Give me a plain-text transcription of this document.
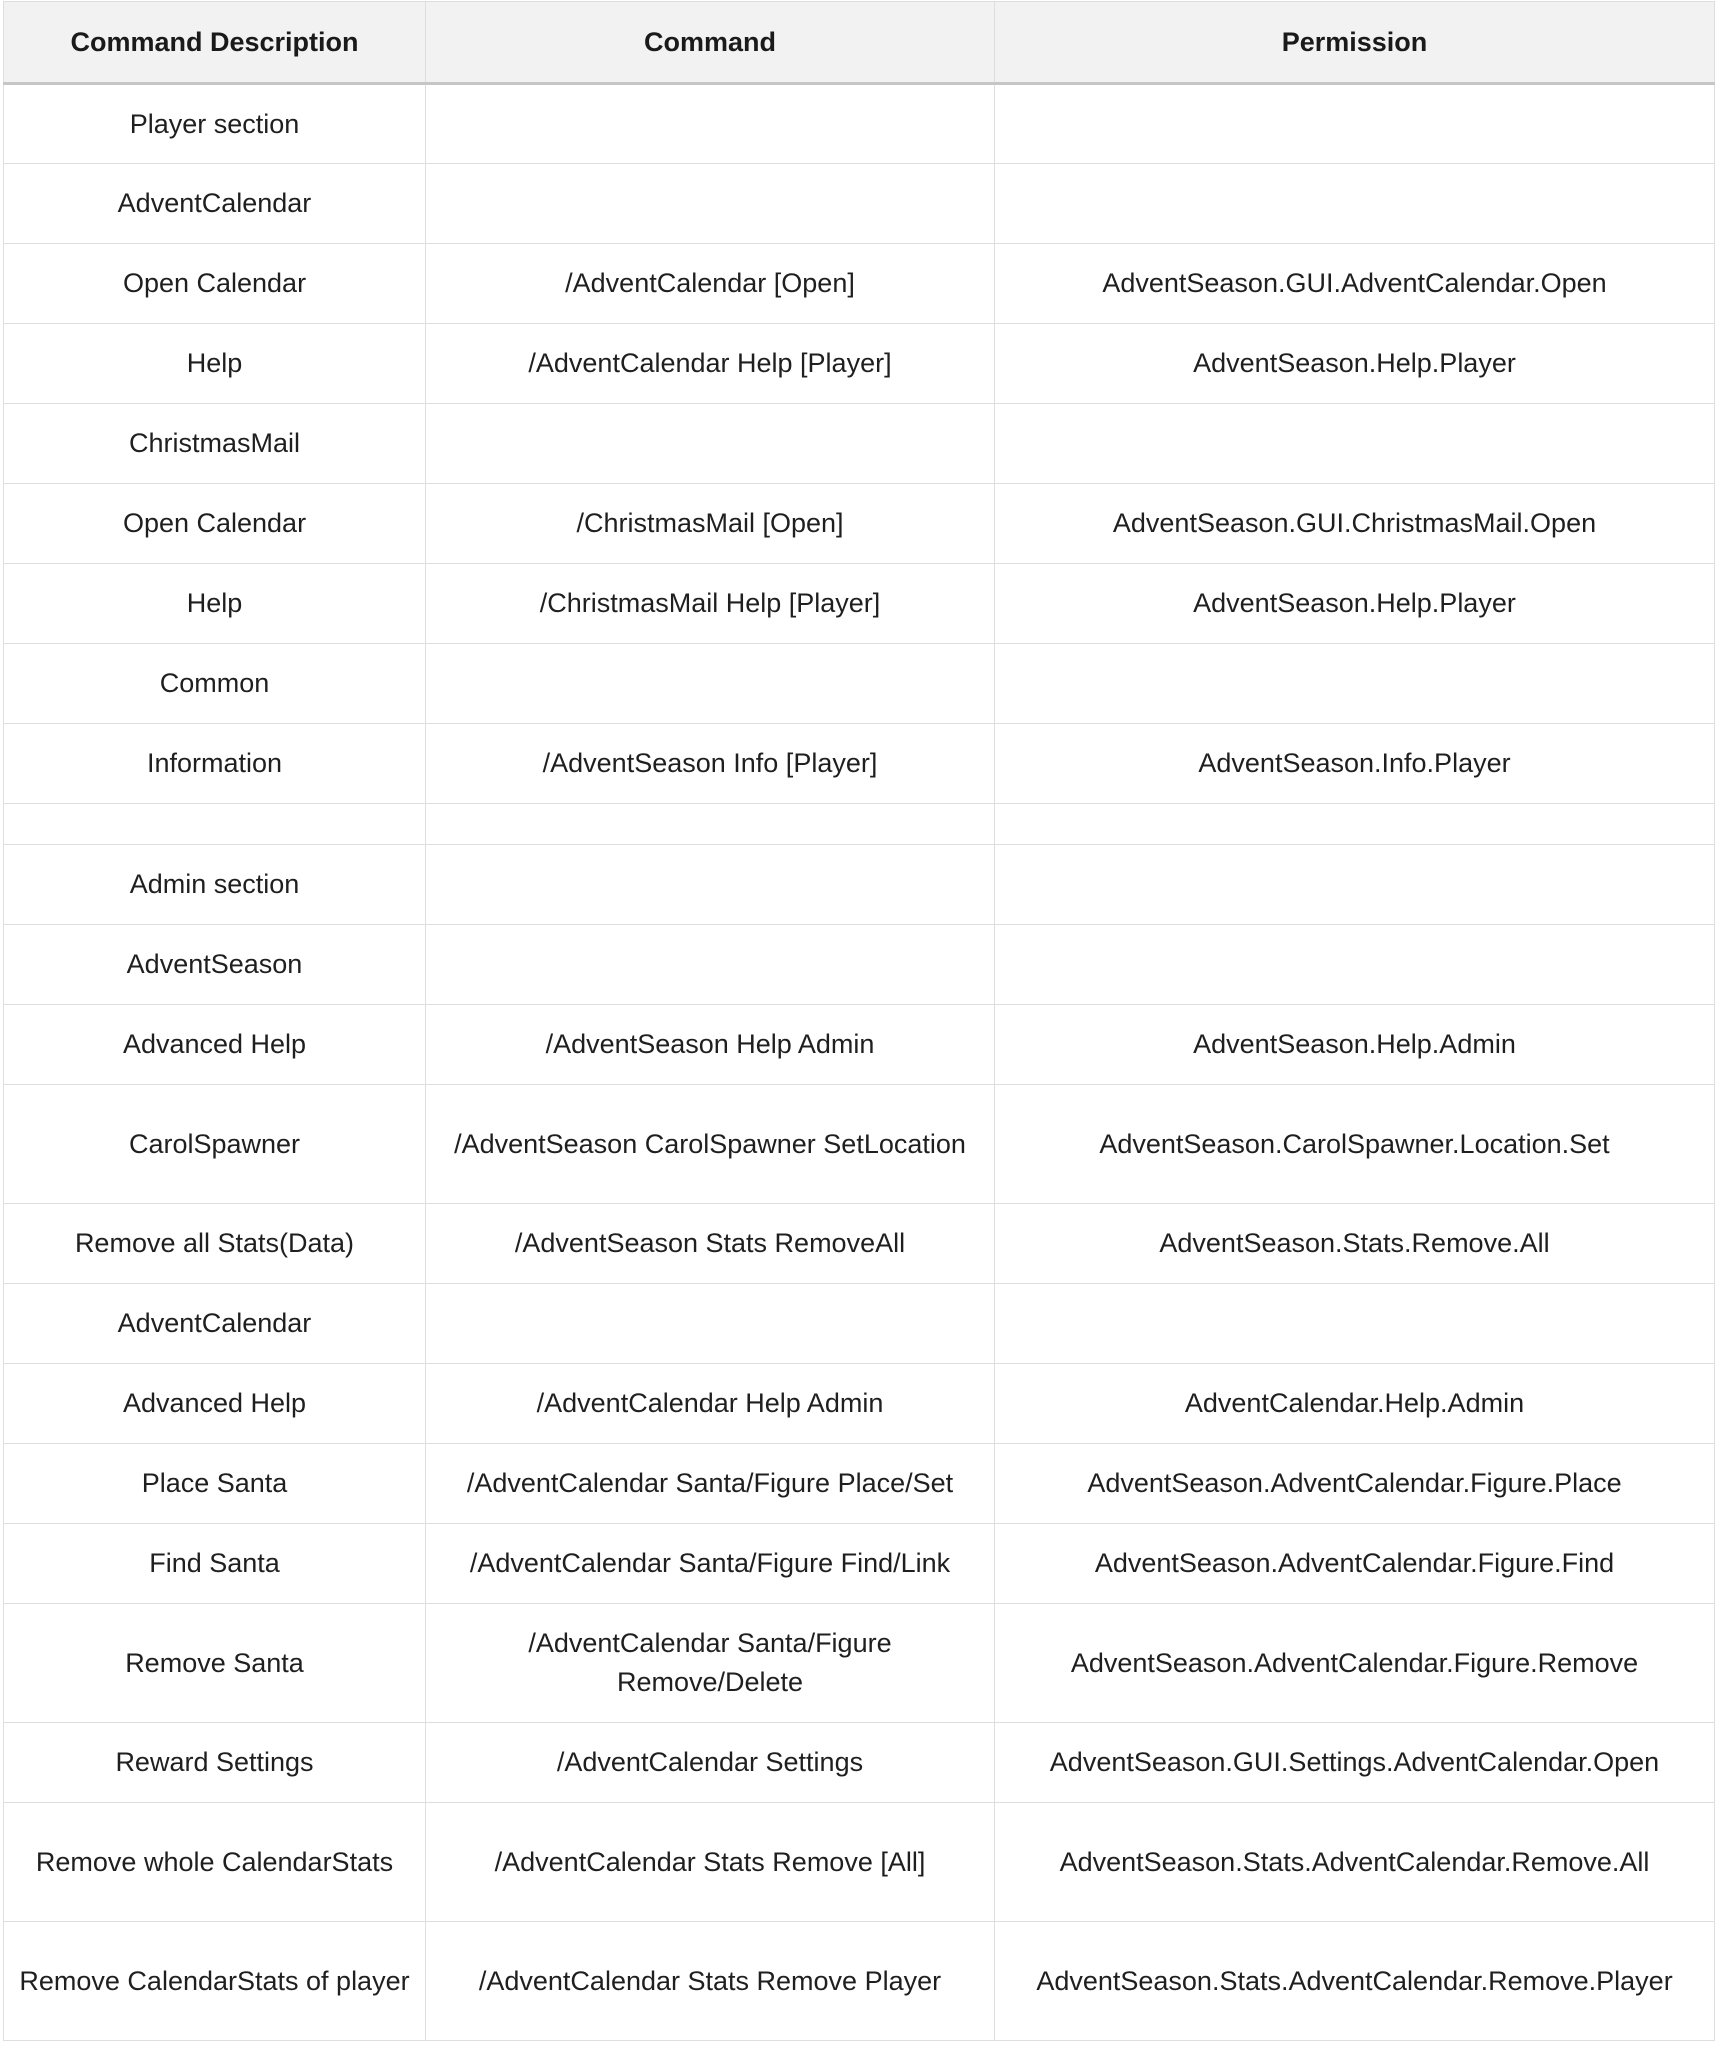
Command Description	Command	Permission
Player section		
AdventCalendar		
Open Calendar	/AdventCalendar [Open]	AdventSeason.GUI.AdventCalendar.Open
Help	/AdventCalendar Help [Player]	AdventSeason.Help.Player
ChristmasMail		
Open Calendar	/ChristmasMail [Open]	AdventSeason.GUI.ChristmasMail.Open
Help	/ChristmasMail Help [Player]	AdventSeason.Help.Player
Common		
Information	/AdventSeason Info [Player]	AdventSeason.Info.Player

Admin section		
AdventSeason		
Advanced Help	/AdventSeason Help Admin	AdventSeason.Help.Admin
CarolSpawner	/AdventSeason CarolSpawner SetLocation	AdventSeason.CarolSpawner.Location.Set
Remove all Stats(Data)	/AdventSeason Stats RemoveAll	AdventSeason.Stats.Remove.All
AdventCalendar		
Advanced Help	/AdventCalendar Help Admin	AdventCalendar.Help.Admin
Place Santa	/AdventCalendar Santa/Figure Place/Set	AdventSeason.AdventCalendar.Figure.Place
Find Santa	/AdventCalendar Santa/Figure Find/Link	AdventSeason.AdventCalendar.Figure.Find
Remove Santa	/AdventCalendar Santa/Figure Remove/Delete	AdventSeason.AdventCalendar.Figure.Remove
Reward Settings	/AdventCalendar Settings	AdventSeason.GUI.Settings.AdventCalendar.Open
Remove whole CalendarStats	/AdventCalendar Stats Remove [All]	AdventSeason.Stats.AdventCalendar.Remove.All
Remove CalendarStats of player	/AdventCalendar Stats Remove Player	AdventSeason.Stats.AdventCalendar.Remove.Player
